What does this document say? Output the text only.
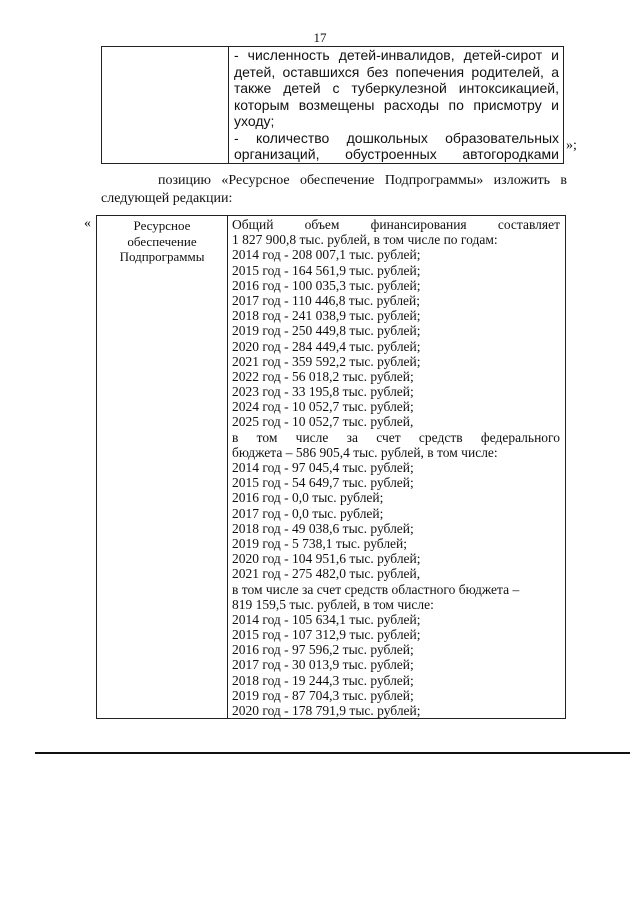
17

- численность детей-инвалидов, детей-сирот и
детей, оставшихся без попечения родителей, а
также детей с туберкулезной интоксикацией,
которым возмещены расходы по присмотру и
уходу;
- количество дошкольных образовательных
организаций, обустроенных автогородками
»;
позицию «Ресурсное обеспечение Подпрограммы» изложить в
следующей редакции:
«	Ресурсное
обеспечение
Подпрограммы

Общий объем финансирования составляет
1 827 900,8 тыс. рублей, в том числе по годам:
2014 год - 208 007,1 тыс. рублей;
2015 год - 164 561,9 тыс. рублей;
2016 год - 100 035,3 тыс. рублей;
2017 год - 110 446,8 тыс. рублей;
2018 год - 241 038,9 тыс. рублей;
2019 год - 250 449,8 тыс. рублей;
2020 год - 284 449,4 тыс. рублей;
2021 год - 359 592,2 тыс. рублей;
2022 год - 56 018,2 тыс. рублей;
2023 год - 33 195,8 тыс. рублей;
2024 год - 10 052,7 тыс. рублей;
2025 год - 10 052,7 тыс. рублей,
в том числе за счет средств федерального
бюджета – 586 905,4 тыс. рублей, в том числе:
2014 год - 97 045,4 тыс. рублей;
2015 год - 54 649,7 тыс. рублей;
2016 год - 0,0 тыс. рублей;
2017 год - 0,0 тыс. рублей;
2018 год - 49 038,6 тыс. рублей;
2019 год - 5 738,1 тыс. рублей;
2020 год - 104 951,6 тыс. рублей;
2021 год - 275 482,0 тыс. рублей,
в том числе за счет средств областного бюджета –
819 159,5 тыс. рублей, в том числе:
2014 год - 105 634,1 тыс. рублей;
2015 год - 107 312,9 тыс. рублей;
2016 год - 97 596,2 тыс. рублей;
2017 год - 30 013,9 тыс. рублей;
2018 год - 19 244,3 тыс. рублей;
2019 год - 87 704,3 тыс. рублей;
2020 год - 178 791,9 тыс. рублей;
